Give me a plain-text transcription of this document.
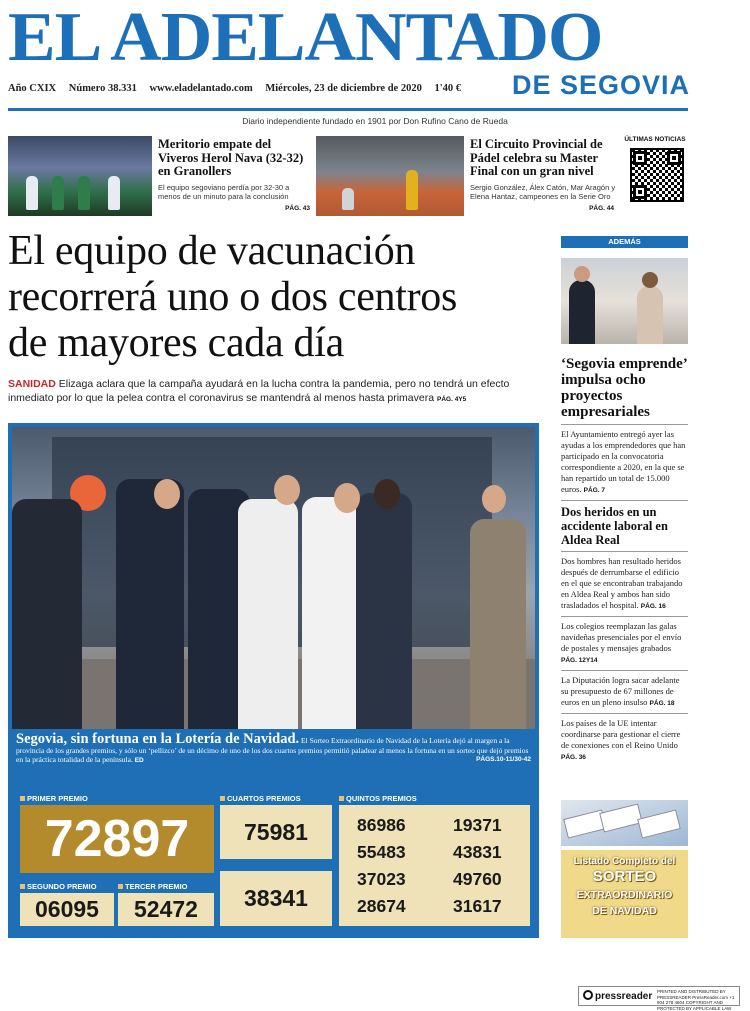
EL ADELANTADO
DE SEGOVIA
Año CXIX Número 38.331 www.eladelantado.com Miércoles, 23 de diciembre de 2020 1'40 €
Diario independiente fundado en 1901 por Don Rufino Cano de Rueda
Meritorio empate del Viveros Herol Nava (32-32) en Granollers
El equipo segoviano perdía por 32-30 a menos de un minuto para la conclusión
PÁG. 43
El Circuito Provincial de Pádel celebra su Master Final con un gran nivel
Sergio González, Álex Catón, Mar Aragón y Elena Hantaz, campeones en la Serie Oro
PÁG. 44
ÚLTIMAS NOTICIAS
El equipo de vacunación
recorrerá uno o dos centros
de mayores cada día
SANIDAD Elizaga aclara que la campaña ayudará en la lucha contra la pandemia, pero no tendrá un efecto inmediato por lo que la pelea contra el coronavirus se mantendrá al menos hasta primavera PÁG. 4Y5
Segovia, sin fortuna en la Lotería de Navidad. El Sorteo Extraordinario de Navidad de la Lotería dejó al margen a la provincia de los grandes premios, y sólo un ‘pellizco’ de un décimo de uno de los dos cuartos premios permitió paladear al menos la fortuna en un sorteo que dejó premios en la práctica totalidad de la península. ED	PÁGS.10-11/30-42
PRIMER PREMIO
72897
SEGUNDO PREMIO
06095
TERCER PREMIO
52472
CUARTOS PREMIOS
75981
38341
QUINTOS PREMIOS
86986	19371
55483	43831
37023	49760
28674	31617
ADEMÁS
‘Segovia emprende’ impulsa ocho proyectos empresariales
El Ayuntamiento entregó ayer las ayudas a los emprendedores que han participado en la convocatoria correspondiente a 2020, en la que se han repartido un total de 15.000 euros. PÁG. 7
Dos heridos en un accidente laboral en Aldea Real
Dos hombres han resultado heridos después de derrumbarse el edificio en el que se encontraban trabajando en Aldea Real y ambos han sido trasladados el hospital. PÁG. 16
Los colegios reemplazan las galas navideñas presenciales por el envío de postales y mensajes grabados PÁG. 12Y14
La Diputación logra sacar adelante su presupuesto de 67 millones de euros en un pleno insulso PÁG. 18
Los países de la UE intentar coordinarse para gestionar el cierre de conexiones con el Reino Unido PÁG. 36
Listado Completo del
SORTEO
EXTRAORDINARIO
DE NAVIDAD
pressreader PRINTED AND DISTRIBUTED BY PRESSREADER PressReader.com +1 604 278 4604 COPYRIGHT AND PROTECTED BY APPLICABLE LAW
